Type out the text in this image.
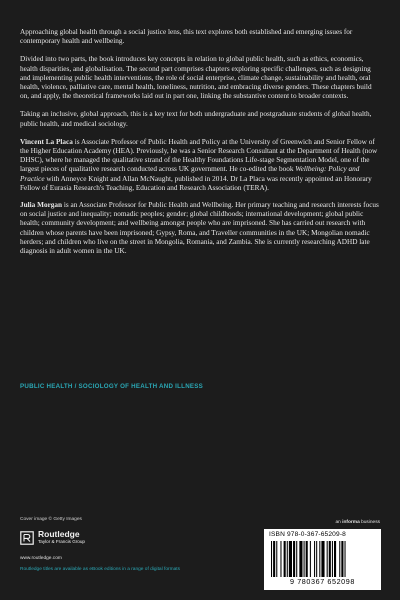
Approaching global health through a social justice lens, this text explores both established and emerging issues for contemporary health and wellbeing.

Divided into two parts, the book introduces key concepts in relation to global public health, such as ethics, economics, health disparities, and globalisation. The second part comprises chapters exploring specific challenges, such as designing and implementing public health interventions, the role of social enterprise, climate change, sustainability and health, oral health, violence, palliative care, mental health, loneliness, nutrition, and embracing diverse genders. These chapters build on, and apply, the theoretical frameworks laid out in part one, linking the substantive content to broader contexts.

Taking an inclusive, global approach, this is a key text for both undergraduate and postgraduate students of global health, public health, and medical sociology.

Vincent La Placa is Associate Professor of Public Health and Policy at the University of Greenwich and Senior Fellow of the Higher Education Academy (HEA). Previously, he was a Senior Research Consultant at the Department of Health (now DHSC), where he managed the qualitative strand of the Healthy Foundations Life-stage Segmentation Model, one of the largest pieces of qualitative research conducted across UK government. He co-edited the book Wellbeing: Policy and Practice with Anneyce Knight and Allan McNaught, published in 2014. Dr La Placa was recently appointed an Honorary Fellow of Eurasia Research's Teaching, Education and Research Association (TERA).

Julia Morgan is an Associate Professor for Public Health and Wellbeing. Her primary teaching and research interests focus on social justice and inequality; nomadic peoples; gender; global childhoods; international development; global public health; community development; and wellbeing amongst people who are imprisoned. She has carried out research with children whose parents have been imprisoned; Gypsy, Roma, and Traveller communities in the UK; Mongolian nomadic herders; and children who live on the street in Mongolia, Romania, and Zambia. She is currently researching ADHD late diagnosis in adult women in the UK.

PUBLIC HEALTH / SOCIOLOGY OF HEALTH AND ILLNESS
Cover image © Getty Images
Routledge
Taylor & Francis Group
www.routledge.com
Routledge titles are available as eBook editions in a range of digital formats
an informa business
ISBN 978-0-367-65209-8
9 780367 652098
